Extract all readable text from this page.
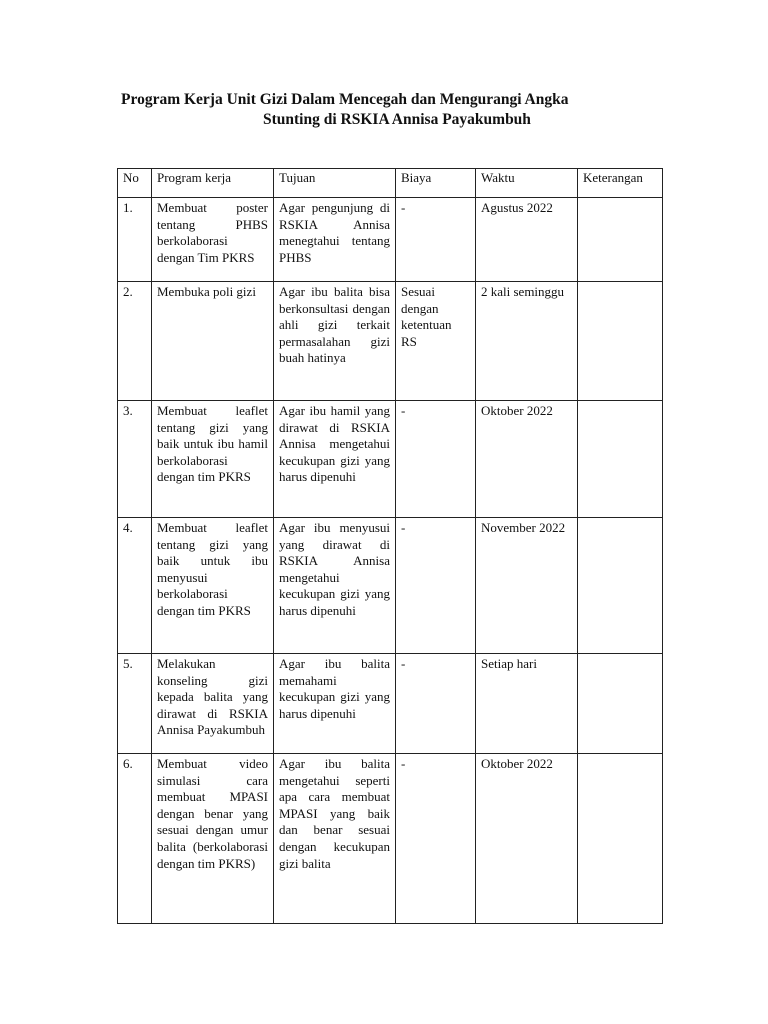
Program Kerja Unit Gizi Dalam Mencegah dan Mengurangi Angka
Stunting di RSKIA Annisa Payakumbuh
No	Program kerja	Tujuan	Biaya	Waktu	Keterangan
1.	Membuat poster tentang PHBS berkolaborasi dengan Tim PKRS	Agar pengunjung di RSKIA Annisa menegtahui tentang PHBS	-	Agustus 2022	
2.	Membuka poli gizi	Agar ibu balita bisa berkonsultasi dengan ahli gizi terkait permasalahan gizi buah hatinya	Sesuai dengan ketentuan RS	2 kali seminggu	
3.	Membuat leaflet tentang gizi yang baik untuk ibu hamil berkolaborasi dengan tim PKRS	Agar ibu hamil yang dirawat di RSKIA Annisa mengetahui kecukupan gizi yang harus dipenuhi	-	Oktober 2022	
4.	Membuat leaflet tentang gizi yang baik untuk ibu menyusui berkolaborasi dengan tim PKRS	Agar ibu menyusui yang dirawat di RSKIA Annisa mengetahui kecukupan gizi yang harus dipenuhi	-	November 2022	
5.	Melakukan konseling gizi kepada balita yang dirawat di RSKIA Annisa Payakumbuh	Agar ibu balita memahami kecukupan gizi yang harus dipenuhi	-	Setiap hari	
6.	Membuat video simulasi cara membuat MPASI dengan benar yang sesuai dengan umur balita (berkolaborasi dengan tim PKRS)	Agar ibu balita mengetahui seperti apa cara membuat MPASI yang baik dan benar sesuai dengan kecukupan gizi balita	-	Oktober 2022	
